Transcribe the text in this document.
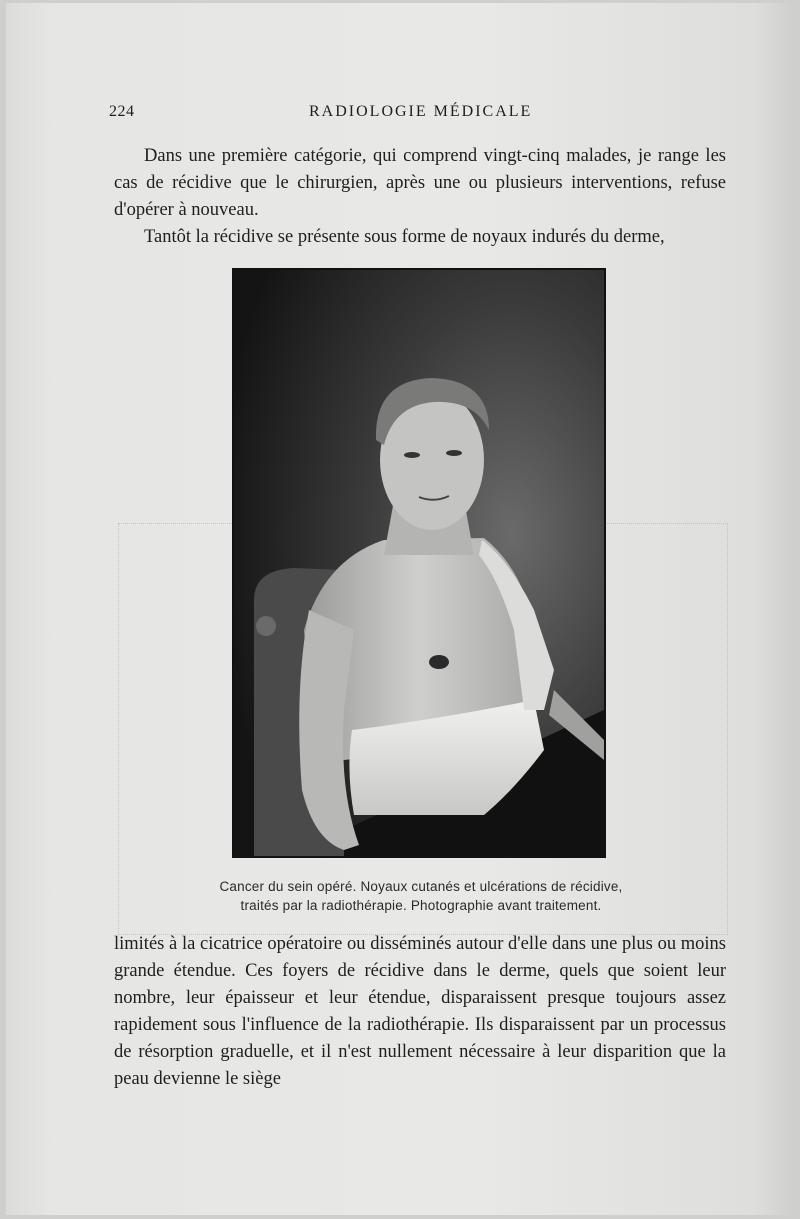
224	RADIOLOGIE MÉDICALE

Dans une première catégorie, qui comprend vingt-cinq malades, je range les cas de récidive que le chirurgien, après une ou plusieurs interventions, refuse d'opérer à nouveau.

Tantôt la récidive se présente sous forme de noyaux indurés du derme,

Cancer du sein opéré. Noyaux cutanés et ulcérations de récidive,
traités par la radiothérapie. Photographie avant traitement.

limités à la cicatrice opératoire ou disséminés autour d'elle dans une plus ou moins grande étendue. Ces foyers de récidive dans le derme, quels que soient leur nombre, leur épaisseur et leur étendue, disparaissent presque toujours assez rapidement sous l'influence de la radiothérapie. Ils disparaissent par un processus de résorption graduelle, et il n'est nullement nécessaire à leur disparition que la peau devienne le siège
